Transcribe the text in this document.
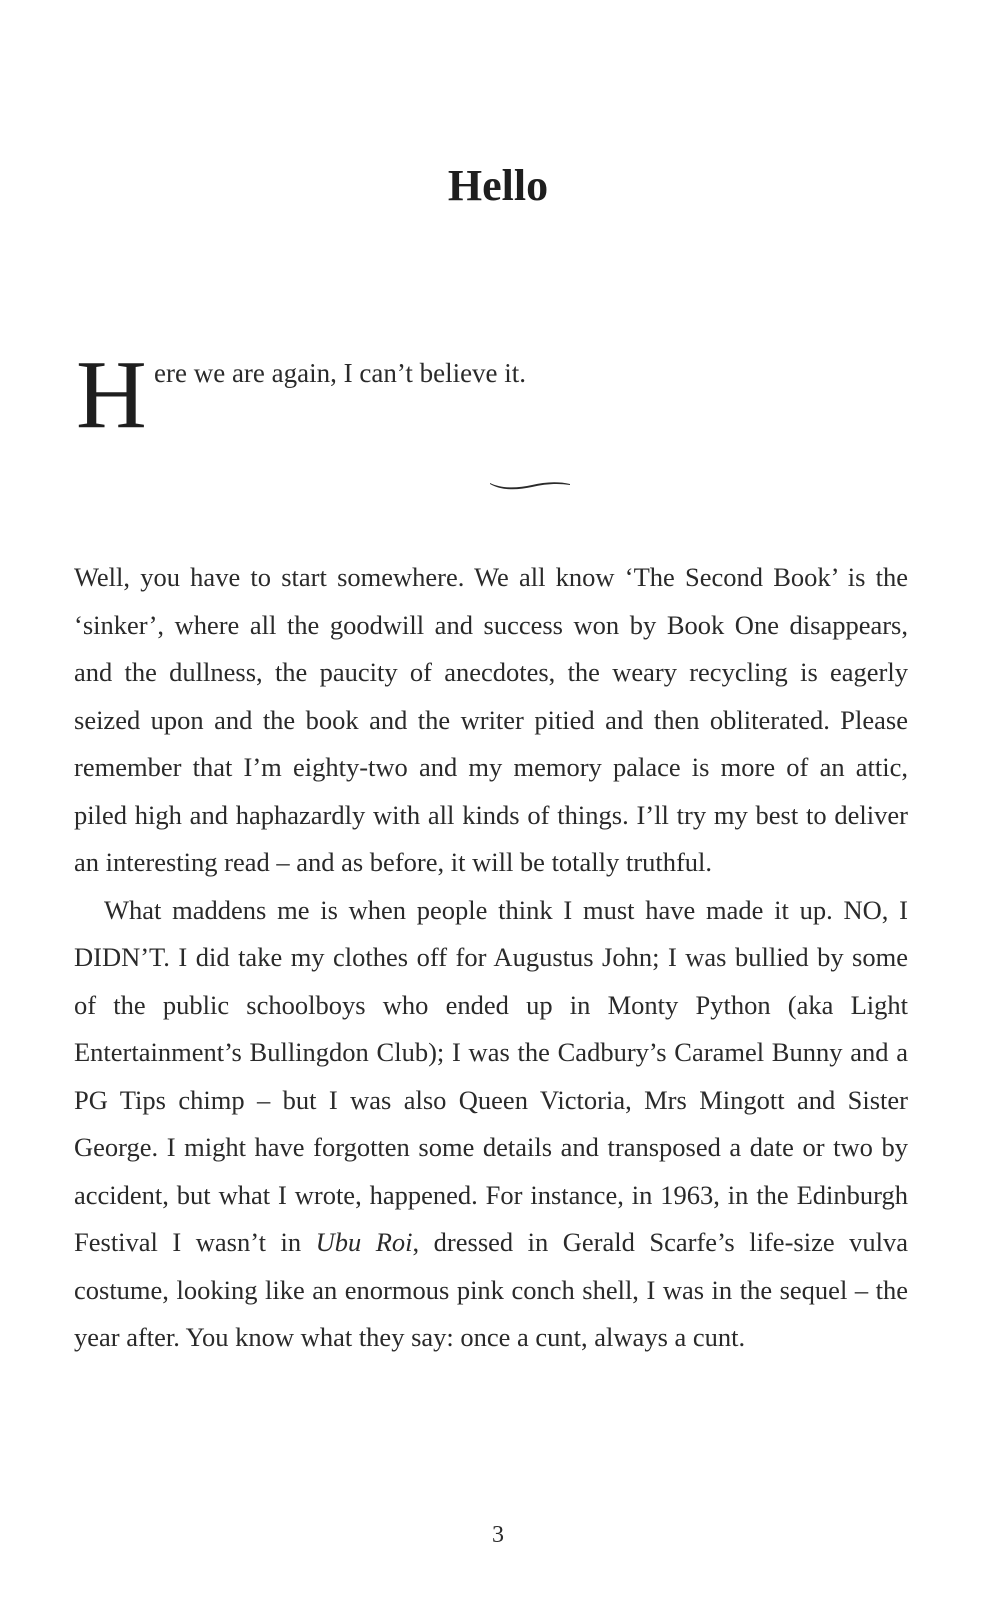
Hello
H ere we are again, I can’t believe it.

Well, you have to start somewhere. We all know ‘The Second Book’ is the ‘sinker’, where all the goodwill and success won by Book One disappears, and the dullness, the paucity of anecdotes, the weary recycling is eagerly seized upon and the book and the writer pitied and then obliterated. Please remember that I’m eighty-two and my memory palace is more of an attic, piled high and haphazardly with all kinds of things. I’ll try my best to deliver an interesting read – and as before, it will be totally truthful.

What maddens me is when people think I must have made it up. NO, I DIDN’T. I did take my clothes off for Augustus John; I was bullied by some of the public schoolboys who ended up in Monty Python (aka Light Entertainment’s Bullingdon Club); I was the Cadbury’s Caramel Bunny and a PG Tips chimp – but I was also Queen Victoria, Mrs Mingott and Sister George. I might have forgotten some details and transposed a date or two by accident, but what I wrote, happened. For instance, in 1963, in the Edinburgh Festival I wasn’t in Ubu Roi, dressed in Gerald Scarfe’s life-size vulva costume, looking like an enormous pink conch shell, I was in the sequel – the year after. You know what they say: once a cunt, always a cunt.

3
